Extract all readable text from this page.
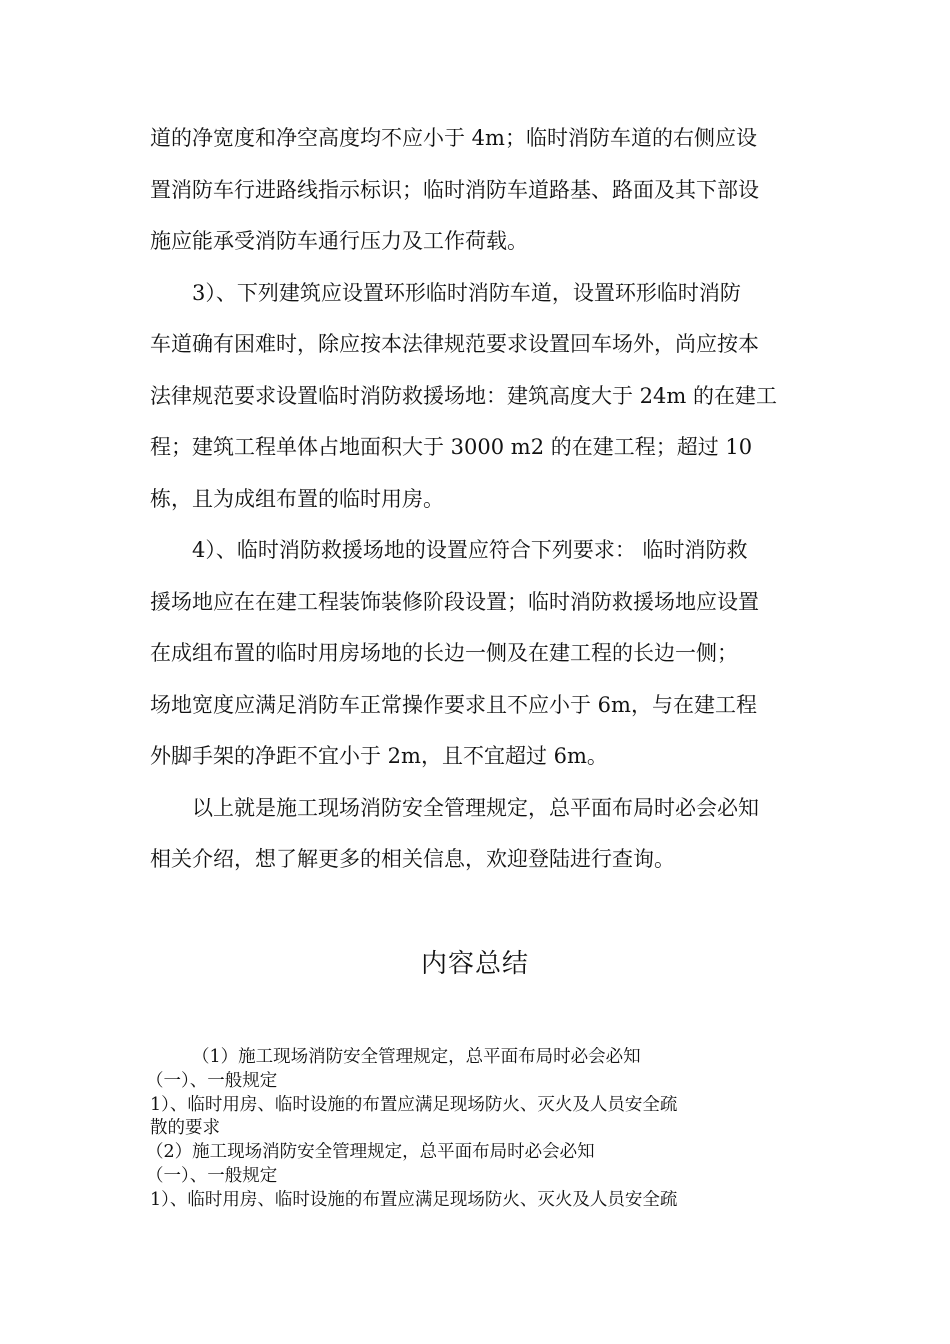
道的净宽度和净空高度均不应小于 4m；临时消防车道的右侧应设
置消防车行进路线指示标识；临时消防车道路基、路面及其下部设
施应能承受消防车通行压力及工作荷载。
3）、下列建筑应设置环形临时消防车道，设置环形临时消防
车道确有困难时，除应按本法律规范要求设置回车场外，尚应按本
法律规范要求设置临时消防救援场地：建筑高度大于 24m 的在建工
程；建筑工程单体占地面积大于 3000 m2 的在建工程；超过 10
栋，且为成组布置的临时用房。
4）、临时消防救援场地的设置应符合下列要求： 临时消防救
援场地应在在建工程装饰装修阶段设置；临时消防救援场地应设置
在成组布置的临时用房场地的长边一侧及在建工程的长边一侧；
场地宽度应满足消防车正常操作要求且不应小于 6m，与在建工程
外脚手架的净距不宜小于 2m，且不宜超过 6m。
以上就是施工现场消防安全管理规定，总平面布局时必会必知
相关介绍，想了解更多的相关信息，欢迎登陆进行查询。
内容总结
（1）施工现场消防安全管理规定，总平面布局时必会必知
（一）、一般规定
1）、临时用房、临时设施的布置应满足现场防火、灭火及人员安全疏
散的要求
（2）施工现场消防安全管理规定，总平面布局时必会必知
（一）、一般规定
1）、临时用房、临时设施的布置应满足现场防火、灭火及人员安全疏
